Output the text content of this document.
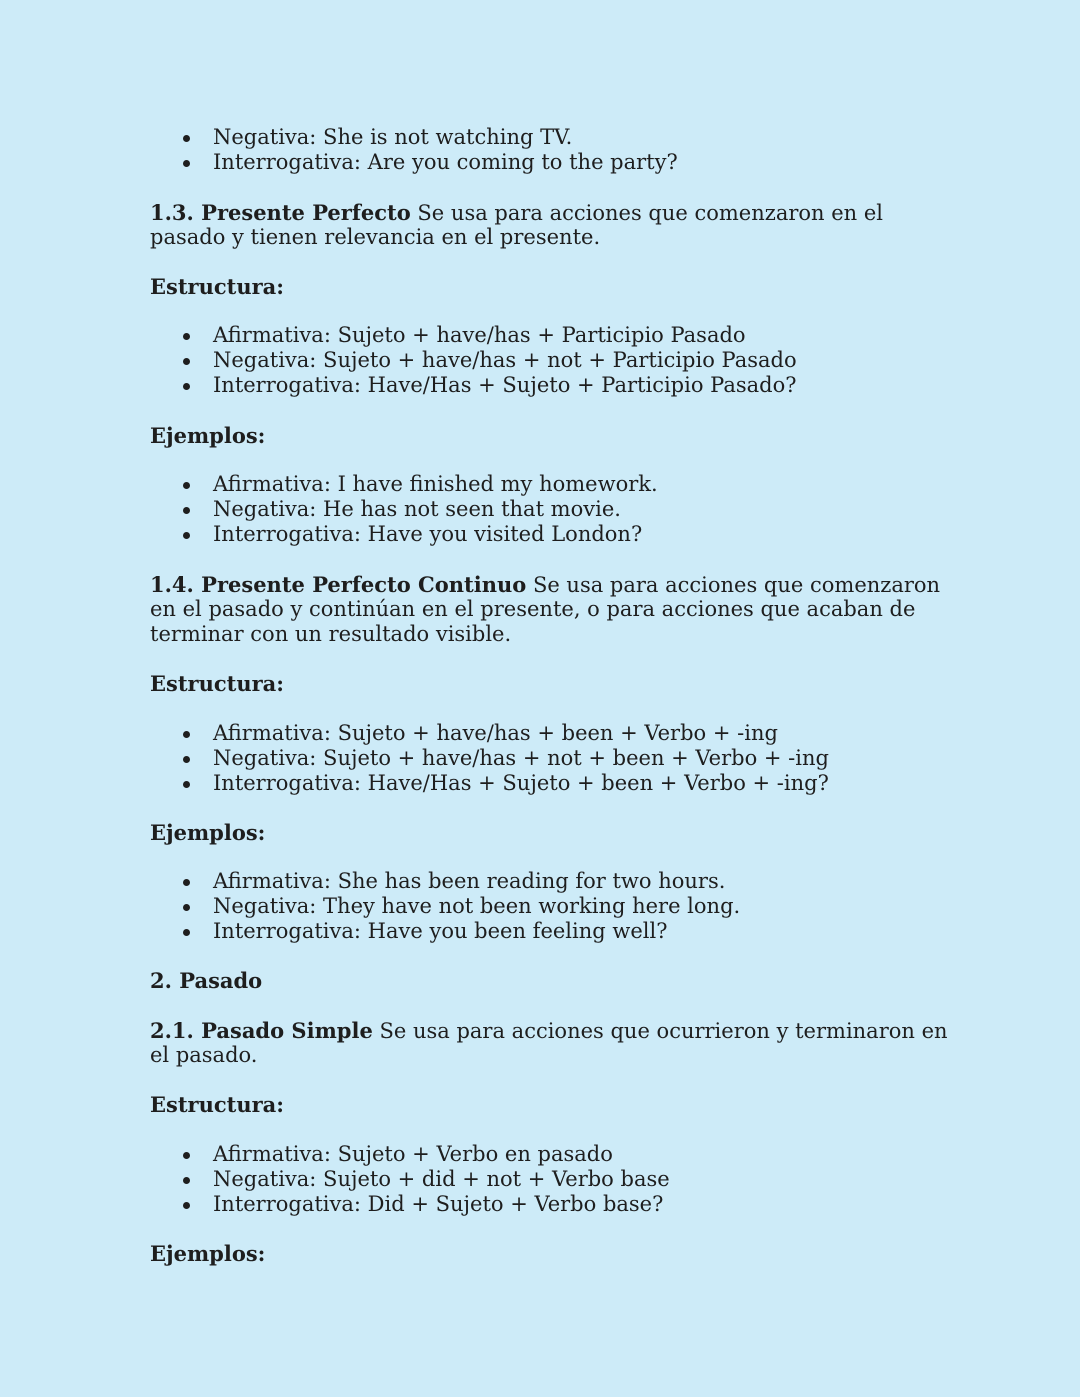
Negativa: She is not watching TV.
Interrogativa: Are you coming to the party?

1.3. Presente Perfecto Se usa para acciones que comenzaron en el

pasado y tienen relevancia en el presente.

Estructura:

Afirmativa: Sujeto + have/has + Participio Pasado
Negativa: Sujeto + have/has + not + Participio Pasado
Interrogativa: Have/Has + Sujeto + Participio Pasado?

Ejemplos:

Afirmativa: I have finished my homework.
Negativa: He has not seen that movie.
Interrogativa: Have you visited London?

1.4. Presente Perfecto Continuo Se usa para acciones que comenzaron

en el pasado y continúan en el presente, o para acciones que acaban de

terminar con un resultado visible.

Estructura:

Afirmativa: Sujeto + have/has + been + Verbo + -ing
Negativa: Sujeto + have/has + not + been + Verbo + -ing
Interrogativa: Have/Has + Sujeto + been + Verbo + -ing?

Ejemplos:

Afirmativa: She has been reading for two hours.
Negativa: They have not been working here long.
Interrogativa: Have you been feeling well?

2. Pasado

2.1. Pasado Simple Se usa para acciones que ocurrieron y terminaron en

el pasado.

Estructura:

Afirmativa: Sujeto + Verbo en pasado
Negativa: Sujeto + did + not + Verbo base
Interrogativa: Did + Sujeto + Verbo base?

Ejemplos:
